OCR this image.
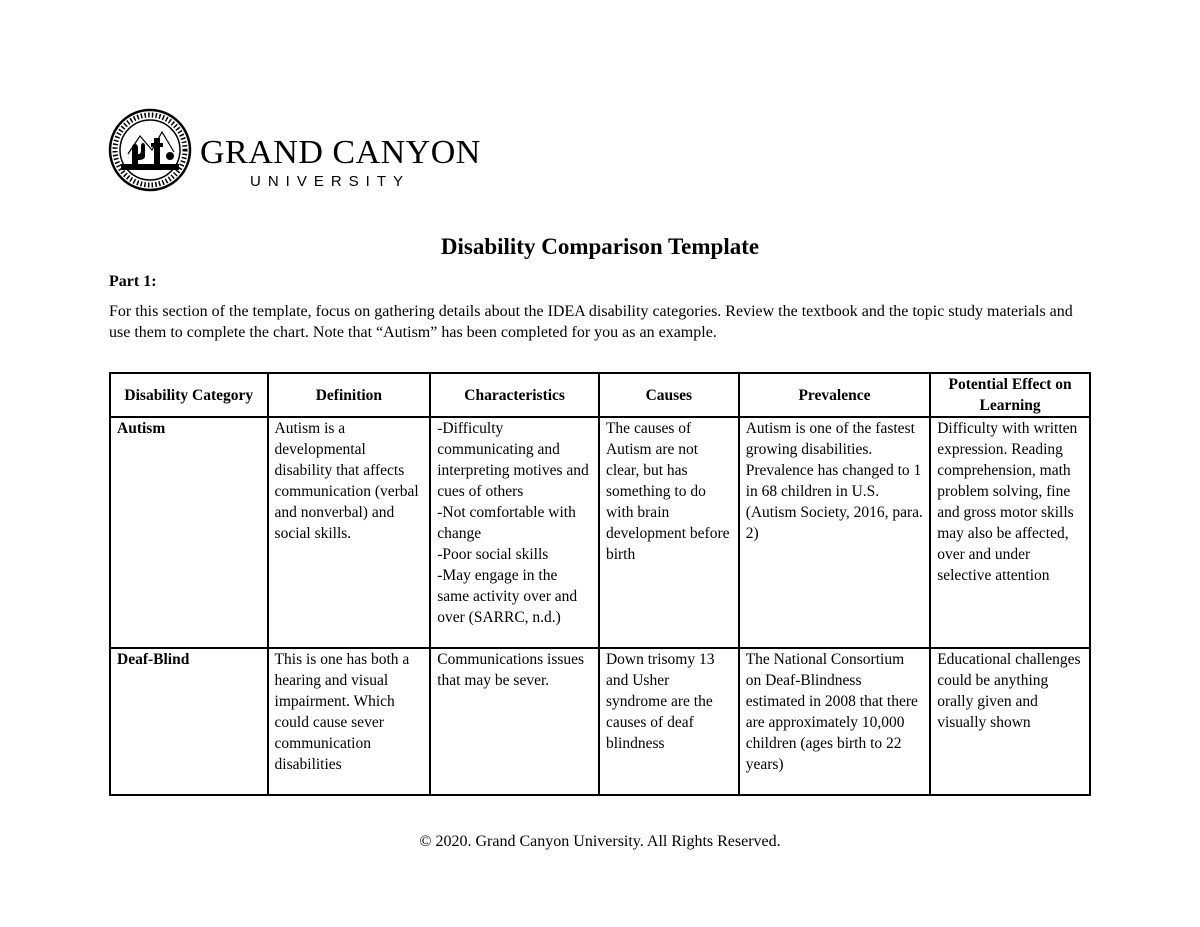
GRAND CANYON
UNIVERSITY
Disability Comparison Template
Part 1:

For this section of the template, focus on gathering details about the IDEA disability categories. Review the textbook and the topic study materials and use them to complete the chart. Note that “Autism” has been completed for you as an example.

Disability Category	Definition	Characteristics	Causes	Prevalence	Potential Effect on Learning
Autism	Autism is a developmental disability that affects communication (verbal and nonverbal) and social skills.	-Difficulty communicating and interpreting motives and cues of others
-Not comfortable with change
-Poor social skills
-May engage in the same activity over and over (SARRC, n.d.)	The causes of Autism are not clear, but has something to do with brain development before birth	Autism is one of the fastest growing disabilities. Prevalence has changed to 1 in 68 children in U.S. (Autism Society, 2016, para. 2)	Difficulty with written expression. Reading comprehension, math problem solving, fine and gross motor skills may also be affected, over and under selective attention
Deaf-Blind	This is one has both a hearing and visual impairment. Which could cause sever communication disabilities	Communications issues that may be sever.	Down trisomy 13 and Usher syndrome are the causes of deaf blindness	The National Consortium on Deaf-Blindness estimated in 2008 that there are approximately 10,000 children (ages birth to 22 years)	Educational challenges could be anything orally given and visually shown
© 2020. Grand Canyon University. All Rights Reserved.
